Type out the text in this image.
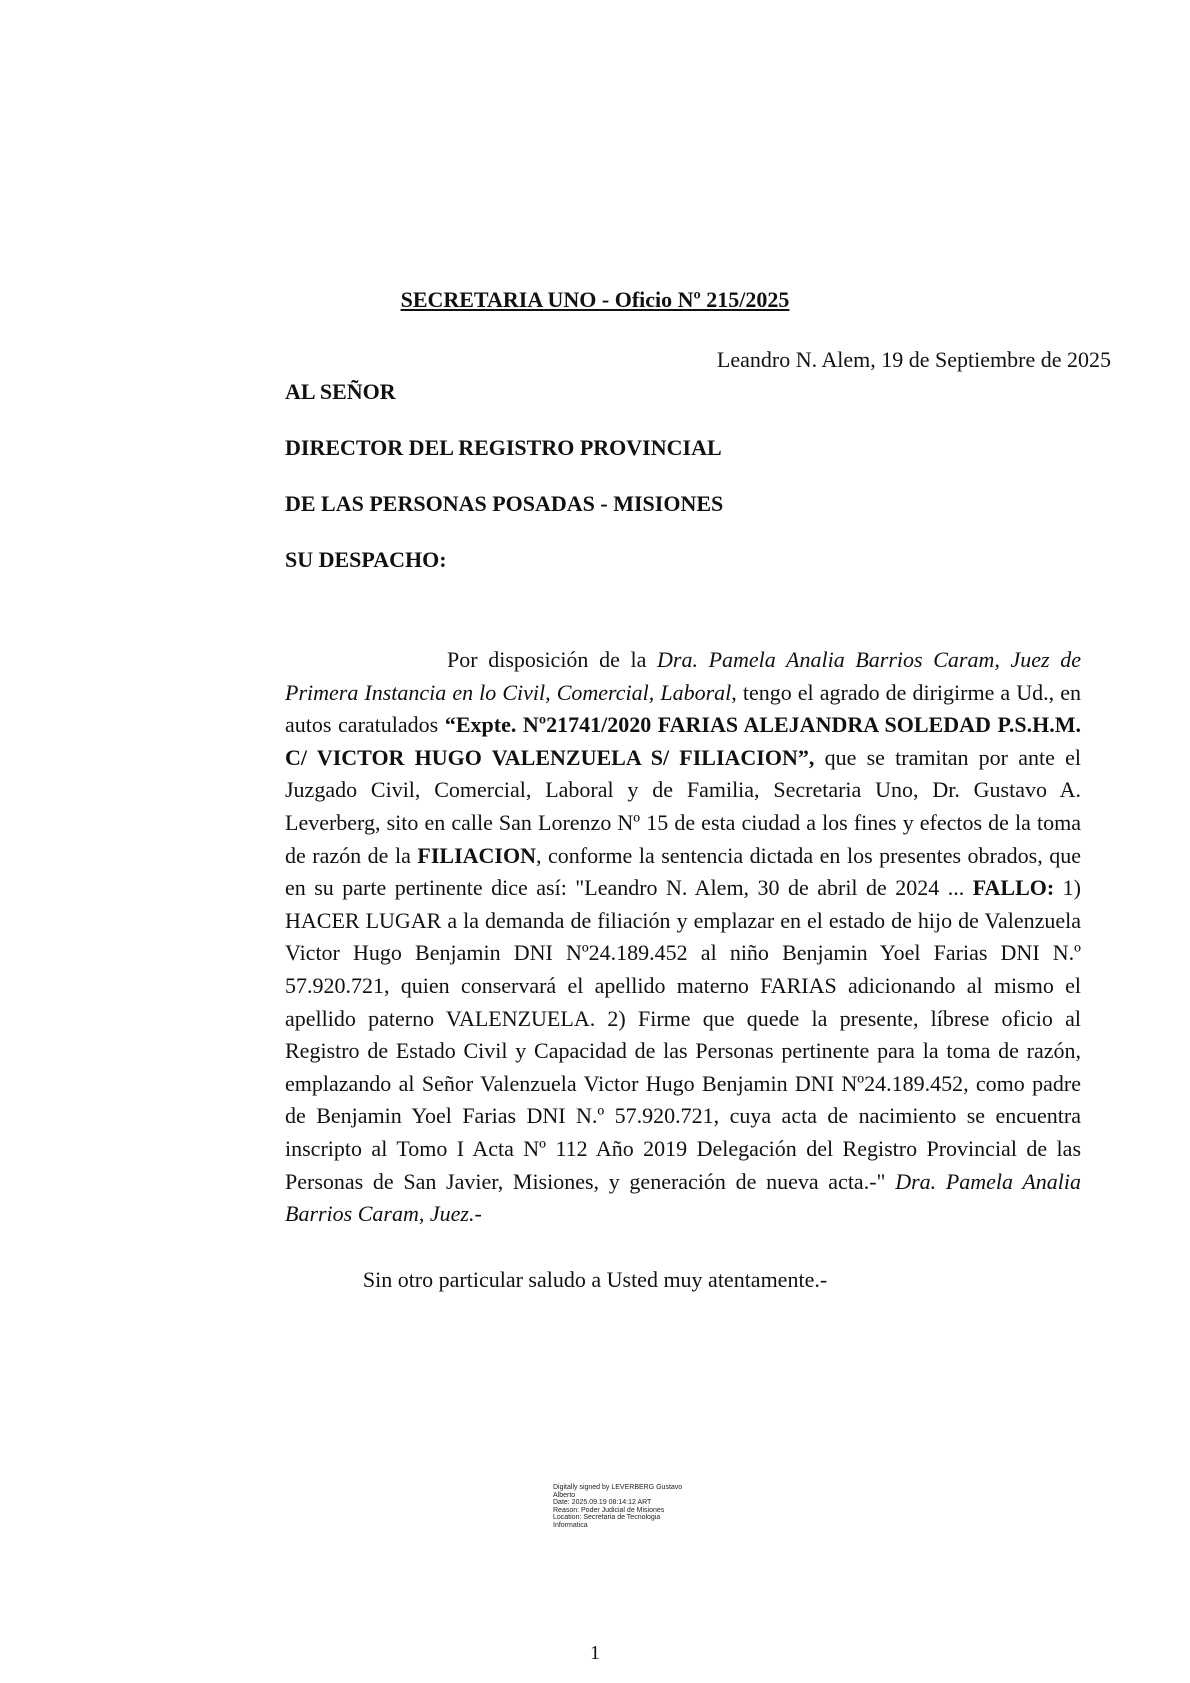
SECRETARIA UNO - Oficio Nº 215/2025
Leandro N. Alem, 19 de Septiembre de 2025
AL SEÑOR
DIRECTOR DEL REGISTRO PROVINCIAL
DE LAS PERSONAS POSADAS - MISIONES
SU DESPACHO:
Por disposición de la Dra. Pamela Analia Barrios Caram, Juez de Primera Instancia en lo Civil, Comercial, Laboral, tengo el agrado de dirigirme a Ud., en autos caratulados “Expte. Nº21741/2020 FARIAS ALEJANDRA SOLEDAD P.S.H.M. C/ VICTOR HUGO VALENZUELA S/ FILIACION”, que se tramitan por ante el Juzgado Civil, Comercial, Laboral y de Familia, Secretaria Uno, Dr. Gustavo A. Leverberg, sito en calle San Lorenzo Nº 15 de esta ciudad a los fines y efectos de la toma de razón de la FILIACION, conforme la sentencia dictada en los presentes obrados, que en su parte pertinente dice así: "Leandro N. Alem, 30 de abril de 2024 ... FALLO: 1) HACER LUGAR a la demanda de filiación y emplazar en el estado de hijo de Valenzuela Victor Hugo Benjamin DNI Nº24.189.452 al niño Benjamin Yoel Farias DNI N.º 57.920.721, quien conservará el apellido materno FARIAS adicionando al mismo el apellido paterno VALENZUELA. 2) Firme que quede la presente, líbrese oficio al Registro de Estado Civil y Capacidad de las Personas pertinente para la toma de razón, emplazando al Señor Valenzuela Victor Hugo Benjamin DNI Nº24.189.452, como padre de Benjamin Yoel Farias DNI N.º 57.920.721, cuya acta de nacimiento se encuentra inscripto al Tomo I Acta Nº 112 Año 2019 Delegación del Registro Provincial de las Personas de San Javier, Misiones, y generación de nueva acta.-" Dra. Pamela Analia Barrios Caram, Juez.-
Sin otro particular saludo a Usted muy atentamente.-
Digitally signed by LEVERBERG Gustavo
Alberto
Date: 2025.09.19 08:14:12 ART
Reason: Poder Judicial de Misiones
Location: Secretaria de Tecnologia
Informatica
1
